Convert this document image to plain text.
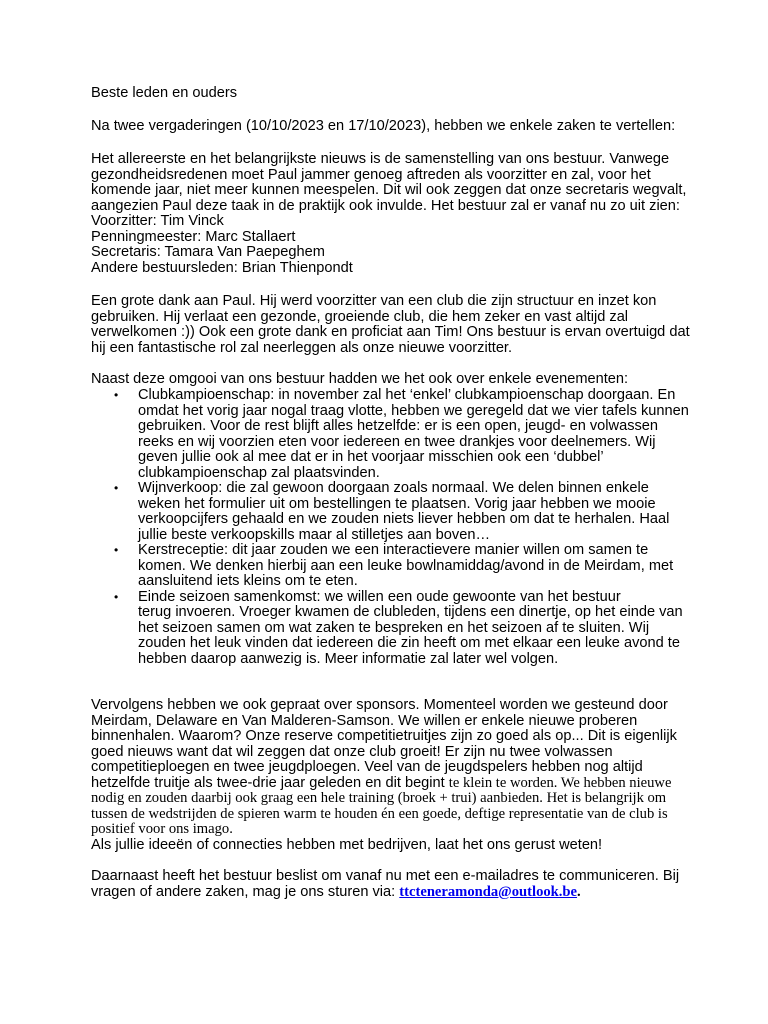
Beste leden en ouders

Na twee vergaderingen (10/10/2023 en 17/10/2023), hebben we enkele zaken te vertellen:

Het allereerste en het belangrijkste nieuws is de samenstelling van ons bestuur. Vanwege
gezondheidsredenen moet Paul jammer genoeg aftreden als voorzitter en zal, voor het
komende jaar, niet meer kunnen meespelen. Dit wil ook zeggen dat onze secretaris wegvalt,
aangezien Paul deze taak in de praktijk ook invulde. Het bestuur zal er vanaf nu zo uit zien:
Voorzitter: Tim Vinck
Penningmeester: Marc Stallaert
Secretaris: Tamara Van Paepeghem
Andere bestuursleden: Brian Thienpondt

Een grote dank aan Paul. Hij werd voorzitter van een club die zijn structuur en inzet kon
gebruiken. Hij verlaat een gezonde, groeiende club, die hem zeker en vast altijd zal
verwelkomen :)) Ook een grote dank en proficiat aan Tim! Ons bestuur is ervan overtuigd dat
hij een fantastische rol zal neerleggen als onze nieuwe voorzitter.

Naast deze omgooi van ons bestuur hadden we het ook over enkele evenementen:

• Clubkampioenschap: in november zal het ‘enkel’ clubkampioenschap doorgaan. En
omdat het vorig jaar nogal traag vlotte, hebben we geregeld dat we vier tafels kunnen
gebruiken. Voor de rest blijft alles hetzelfde: er is een open, jeugd- en volwassen
reeks en wij voorzien eten voor iedereen en twee drankjes voor deelnemers. Wij
geven jullie ook al mee dat er in het voorjaar misschien ook een ‘dubbel’
clubkampioenschap zal plaatsvinden.
• Wijnverkoop: die zal gewoon doorgaan zoals normaal. We delen binnen enkele
weken het formulier uit om bestellingen te plaatsen. Vorig jaar hebben we mooie
verkoopcijfers gehaald en we zouden niets liever hebben om dat te herhalen. Haal
jullie beste verkoopskills maar al stilletjes aan boven…
• Kerstreceptie: dit jaar zouden we een interactievere manier willen om samen te
komen. We denken hierbij aan een leuke bowlnamiddag/avond in de Meirdam, met
aansluitend iets kleins om te eten.
• Einde seizoen samenkomst: we willen een oude gewoonte van het bestuur
terug invoeren. Vroeger kwamen de clubleden, tijdens een dinertje, op het einde van
het seizoen samen om wat zaken te bespreken en het seizoen af te sluiten. Wij
zouden het leuk vinden dat iedereen die zin heeft om met elkaar een leuke avond te
hebben daarop aanwezig is. Meer informatie zal later wel volgen.

Vervolgens hebben we ook gepraat over sponsors. Momenteel worden we gesteund door
Meirdam, Delaware en Van Malderen-Samson. We willen er enkele nieuwe proberen
binnenhalen. Waarom? Onze reserve competitietruitjes zijn zo goed als op... Dit is eigenlijk
goed nieuws want dat wil zeggen dat onze club groeit! Er zijn nu twee volwassen
competitieploegen en twee jeugdploegen. Veel van de jeugdspelers hebben nog altijd
hetzelfde truitje als twee-drie jaar geleden en dit begint te klein te worden. We hebben nieuwe
nodig en zouden daarbij ook graag een hele training (broek + trui) aanbieden. Het is belangrijk om
tussen de wedstrijden de spieren warm te houden én een goede, deftige representatie van de club is
positief voor ons imago.
Als jullie ideeën of connecties hebben met bedrijven, laat het ons gerust weten!

Daarnaast heeft het bestuur beslist om vanaf nu met een e-mailadres te communiceren. Bij
vragen of andere zaken, mag je ons sturen via: ttcteneramonda@outlook.be.
